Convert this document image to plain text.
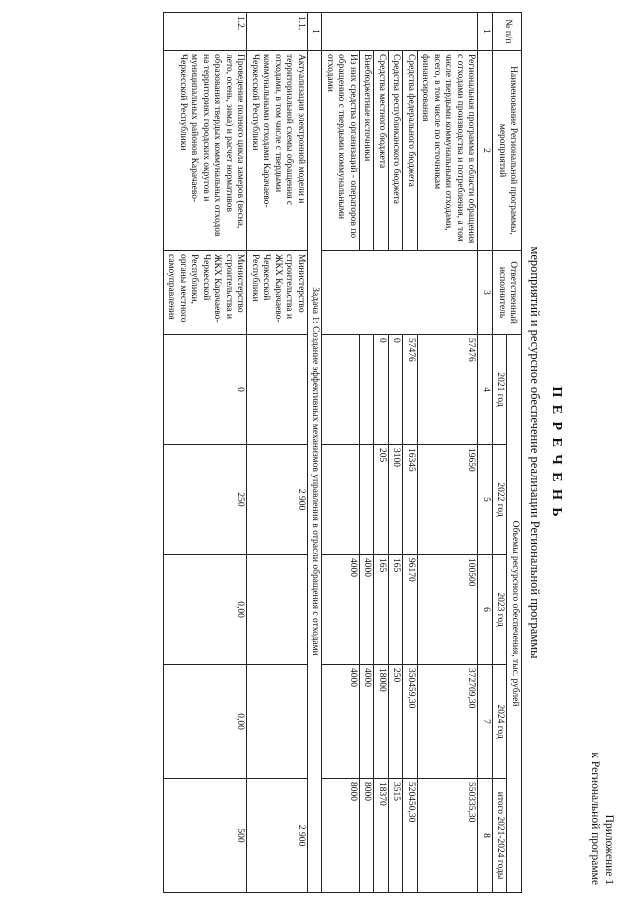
Приложение 1
к Региональной программе
П Е Р Е Ч Е Н Ь
мероприятий и ресурсное обеспечение реализации Региональной программы
№ п/п	Наименование Региональной программы, мероприятий	Ответственный исполнитель	Объемы ресурсного обеспечения, тыс. рублей				
			2021 год	2022 год	2023 год	2024 год	итого 2021-2024 годы
1	2	3	4	5	6	7	8
	Региональная программа в области обращения с отходами производства и потребления, а том числе твердыми коммунальными отходами, всего, в том числе по источникам финансирования		57476	19650	100500	372709,30	550335,30
	Средства федерального бюджета		57476	16345	96170	350459,30	520450,30
	Средства республиканского бюджета		0	3100	165	250	3515
	Средства местного бюджета		0	205	165	18000	18370
	Внебюджетные источники				4000	4000	8000
	Из них средства организаций - операторов по обращению с твердыми коммунальными отходами				4000	4000	8000
1	Задача 1: Создание эффективных механизмов управления в отрасли обращения с отходами						
1.1.	Актуализация электронной модели и территориальной схемы обращения с отходами, в том числе с твердыми коммунальными отходами Карачаево-Черкесской Республики	Министерство строительства и ЖКХ Карачаево-Черкесской Республики		2 900			2 900
1.2.	Проведение полного цикла замеров (весна, лето, осень, зима) и расчет нормативов образования твердых коммунальных отходов на территориях городских округов и муниципальных районов Карачаево-Черкесской Республики	Министерство строительства и ЖКХ Карачаево-Черкесской Республики, органы местного самоуправления	0	250	0,00	0,00	500
